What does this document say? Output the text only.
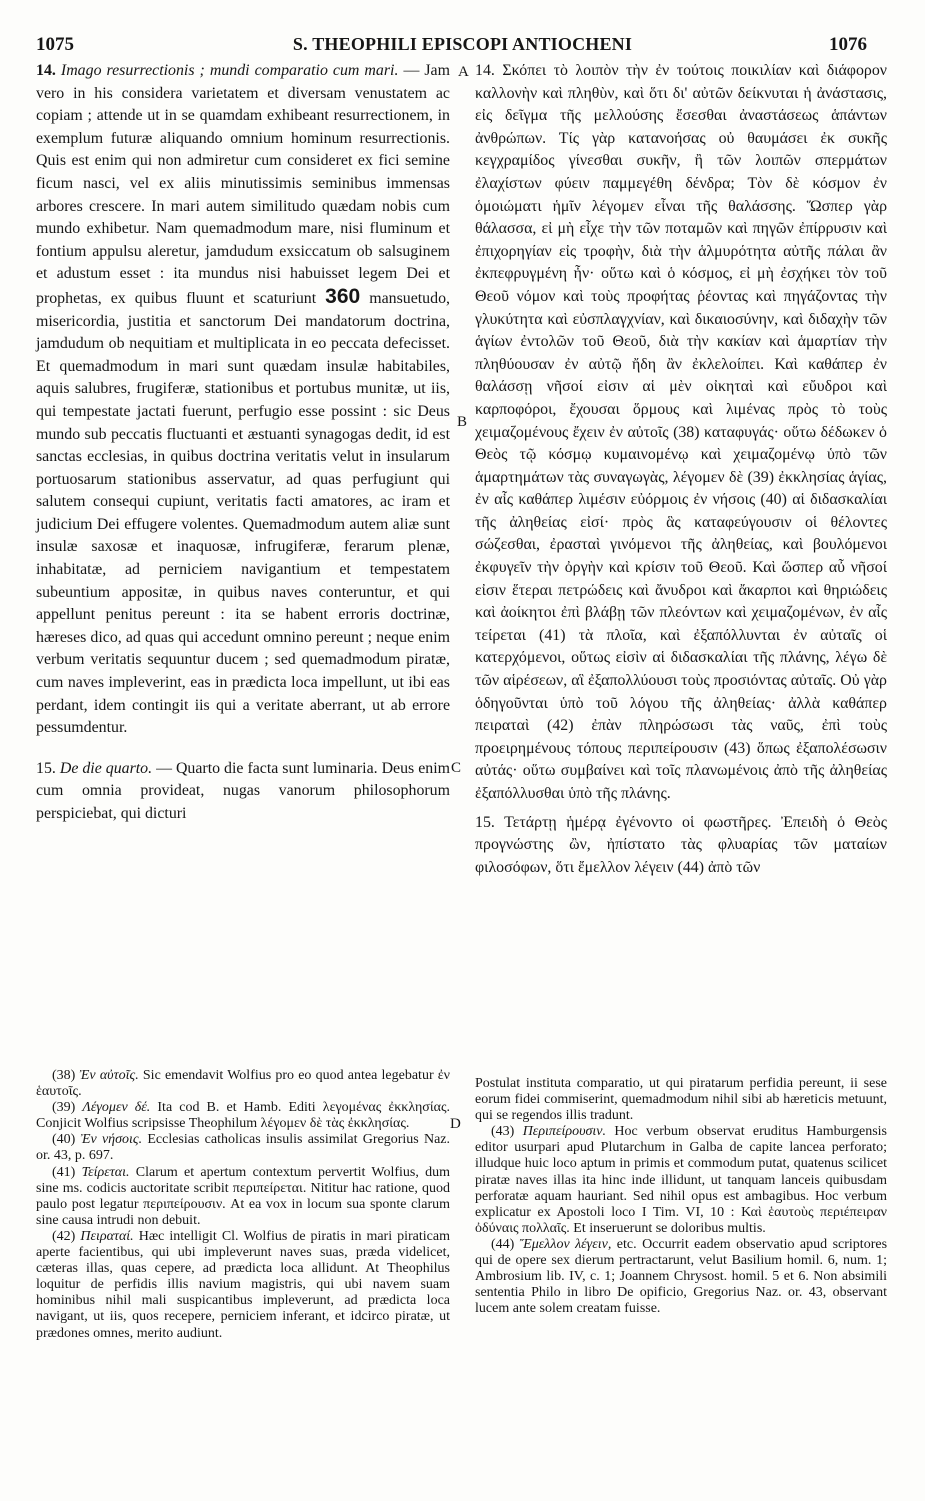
1075	S. THEOPHILI EPISCOPI ANTIOCHENI	1076
A
B
C
D

14. Imago resurrectionis ; mundi comparatio cum mari. — Jam vero in his considera varietatem et diversam venustatem ac copiam ; attende ut in se quamdam exhibeant resurrectionem, in exemplum futuræ aliquando omnium hominum resurrectionis. Quis est enim qui non admiretur cum consideret ex fici semine ficum nasci, vel ex aliis minutissimis seminibus immensas arbores crescere. In mari autem similitudo quædam nobis cum mundo exhibetur. Nam quemadmodum mare, nisi fluminum et fontium appulsu aleretur, jamdudum exsiccatum ob salsuginem et adustum esset : ita mundus nisi habuisset legem Dei et prophetas, ex quibus fluunt et scaturiunt 360 mansuetudo, misericordia, justitia et sanctorum Dei mandatorum doctrina, jamdudum ob nequitiam et multiplicata in eo peccata defecisset. Et quemadmodum in mari sunt quædam insulæ habitabiles, aquis salubres, frugiferæ, stationibus et portubus munitæ, ut iis, qui tempestate jactati fuerunt, perfugio esse possint : sic Deus mundo sub peccatis fluctuanti et æstuanti synagogas dedit, id est sanctas ecclesias, in quibus doctrina veritatis velut in insularum portuosarum stationibus asservatur, ad quas perfugiunt qui salutem consequi cupiunt, veritatis facti amatores, ac iram et judicium Dei effugere volentes. Quemadmodum autem aliæ sunt insulæ saxosæ et inaquosæ, infrugiferæ, ferarum plenæ, inhabitatæ, ad perniciem navigantium et tempestatem subeuntium appositæ, in quibus naves conteruntur, et qui appellunt penitus pereunt : ita se habent erroris doctrinæ, hæreses dico, ad quas qui accedunt omnino pereunt ; neque enim verbum veritatis sequuntur ducem ; sed quemadmodum piratæ, cum naves impleverint, eas in prædicta loca impellunt, ut ibi eas perdant, idem contingit iis qui a veritate aberrant, ut ab errore pessumdentur.

15. De die quarto. — Quarto die facta sunt luminaria. Deus enim cum omnia provideat, nugas vanorum philosophorum perspiciebat, qui dicturi

14. Σκόπει τὸ λοιπὸν τὴν ἐν τούτοις ποικιλίαν καὶ διάφορον καλλονὴν καὶ πληθὺν, καὶ ὅτι δι' αὐτῶν δείκνυται ἡ ἀνάστασις, εἰς δεῖγμα τῆς μελλούσης ἔσεσθαι ἀναστάσεως ἁπάντων ἀνθρώπων. Τίς γὰρ κατανοήσας οὐ θαυμάσει ἐκ συκῆς κεγχραμίδος γίνεσθαι συκῆν, ἢ τῶν λοιπῶν σπερμάτων ἐλαχίστων φύειν παμμεγέθη δένδρα; Τὸν δὲ κόσμον ἐν ὁμοιώματι ἡμῖν λέγομεν εἶναι τῆς θαλάσσης. Ὥσπερ γὰρ θάλασσα, εἰ μὴ εἶχε τὴν τῶν ποταμῶν καὶ πηγῶν ἐπίρρυσιν καὶ ἐπιχορηγίαν εἰς τροφὴν, διὰ τὴν ἁλμυρότητα αὐτῆς πάλαι ἂν ἐκπεφρυγμένη ἦν· οὕτω καὶ ὁ κόσμος, εἰ μὴ ἐσχήκει τὸν τοῦ Θεοῦ νόμον καὶ τοὺς προφήτας ῥέοντας καὶ πηγάζοντας τὴν γλυκύτητα καὶ εὐσπλαγχνίαν, καὶ δικαιοσύνην, καὶ διδαχὴν τῶν ἁγίων ἐντολῶν τοῦ Θεοῦ, διὰ τὴν κακίαν καὶ ἁμαρτίαν τὴν πληθύουσαν ἐν αὐτῷ ἤδη ἂν ἐκλελοίπει. Καὶ καθάπερ ἐν θαλάσσῃ νῆσοί εἰσιν αἱ μὲν οἰκηταὶ καὶ εὔυδροι καὶ καρποφόροι, ἔχουσαι ὅρμους καὶ λιμένας πρὸς τὸ τοὺς χειμαζομένους ἔχειν ἐν αὐτοῖς (38) καταφυγάς· οὕτω δέδωκεν ὁ Θεὸς τῷ κόσμῳ κυμαινομένῳ καὶ χειμαζομένῳ ὑπὸ τῶν ἁμαρτημάτων τὰς συναγωγὰς, λέγομεν δὲ (39) ἐκκλησίας ἁγίας, ἐν αἷς καθάπερ λιμέσιν εὐόρμοις ἐν νήσοις (40) αἱ διδασκαλίαι τῆς ἀληθείας εἰσί· πρὸς ἃς καταφεύγουσιν οἱ θέλοντες σώζεσθαι, ἐρασταὶ γινόμενοι τῆς ἀληθείας, καὶ βουλόμενοι ἐκφυγεῖν τὴν ὀργὴν καὶ κρίσιν τοῦ Θεοῦ. Καὶ ὥσπερ αὖ νῆσοί εἰσιν ἕτεραι πετρώδεις καὶ ἄνυδροι καὶ ἄκαρποι καὶ θηριώδεις καὶ ἀοίκητοι ἐπὶ βλάβῃ τῶν πλεόντων καὶ χειμαζομένων, ἐν αἷς τείρεται (41) τὰ πλοῖα, καὶ ἐξαπόλλυνται ἐν αὐταῖς οἱ κατερχόμενοι, οὕτως εἰσὶν αἱ διδασκαλίαι τῆς πλάνης, λέγω δὲ τῶν αἱρέσεων, αἳ ἐξαπολλύουσι τοὺς προσιόντας αὐταῖς. Οὐ γὰρ ὁδηγοῦνται ὑπὸ τοῦ λόγου τῆς ἀληθείας· ἀλλὰ καθάπερ πειραταὶ (42) ἐπὰν πληρώσωσι τὰς ναῦς, ἐπὶ τοὺς προειρημένους τόπους περιπείρουσιν (43) ὅπως ἐξαπολέσωσιν αὐτάς· οὕτω συμβαίνει καὶ τοῖς πλανωμένοις ἀπὸ τῆς ἀληθείας ἐξαπόλλυσθαι ὑπὸ τῆς πλάνης.

15. Τετάρτῃ ἡμέρᾳ ἐγένοντο οἱ φωστῆρες. Ἐπειδὴ ὁ Θεὸς προγνώστης ὢν, ἠπίστατο τὰς φλυαρίας τῶν ματαίων φιλοσόφων, ὅτι ἔμελλον λέγειν (44) ἀπὸ τῶν

(38) Ἐν αὐτοῖς. Sic emendavit Wolfius pro eo quod antea legebatur ἐν ἑαυτοῖς.

(39) Λέγομεν δέ. Ita cod B. et Hamb. Editi λεγομένας ἐκκλησίας. Conjicit Wolfius scripsisse Theophilum λέγομεν δὲ τὰς ἐκκλησίας.

(40) Ἐν νήσοις. Ecclesias catholicas insulis assimilat Gregorius Naz. or. 43, p. 697.

(41) Τείρεται. Clarum et apertum contextum pervertit Wolfius, dum sine ms. codicis auctoritate scribit περιπείρεται. Nititur hac ratione, quod paulo post legatur περιπείρουσιν. At ea vox in locum sua sponte clarum sine causa intrudi non debuit.

(42) Πειραταί. Hæc intelligit Cl. Wolfius de piratis in mari piraticam aperte facientibus, qui ubi impleverunt naves suas, præda videlicet, cæteras illas, quas cepere, ad prædicta loca allidunt. At Theophilus loquitur de perfidis illis navium magistris, qui ubi navem suam hominibus nihil mali suspicantibus impleverunt, ad prædicta loca navigant, ut iis, quos recepere, perniciem inferant, et idcirco piratæ, ut prædones omnes, merito audiunt.

Postulat instituta comparatio, ut qui piratarum perfidia pereunt, ii sese eorum fidei commiserint, quemadmodum nihil sibi ab hæreticis metuunt, qui se regendos illis tradunt.

(43) Περιπείρουσιν. Hoc verbum observat eruditus Hamburgensis editor usurpari apud Plutarchum in Galba de capite lancea perforato; illudque huic loco aptum in primis et commodum putat, quatenus scilicet piratæ naves illas ita hinc inde illidunt, ut tanquam lanceis quibusdam perforatæ aquam hauriant. Sed nihil opus est ambagibus. Hoc verbum explicatur ex Apostoli loco I Tim. VI, 10 : Καὶ ἑαυτοὺς περιέπειραν ὀδύναις πολλαῖς. Et inseruerunt se doloribus multis.

(44) Ἔμελλον λέγειν, etc. Occurrit eadem observatio apud scriptores qui de opere sex dierum pertractarunt, velut Basilium homil. 6, num. 1; Ambrosium lib. IV, c. 1; Joannem Chrysost. homil. 5 et 6. Non absimili sententia Philo in libro De opificio, Gregorius Naz. or. 43, observant lucem ante solem creatam fuisse.
